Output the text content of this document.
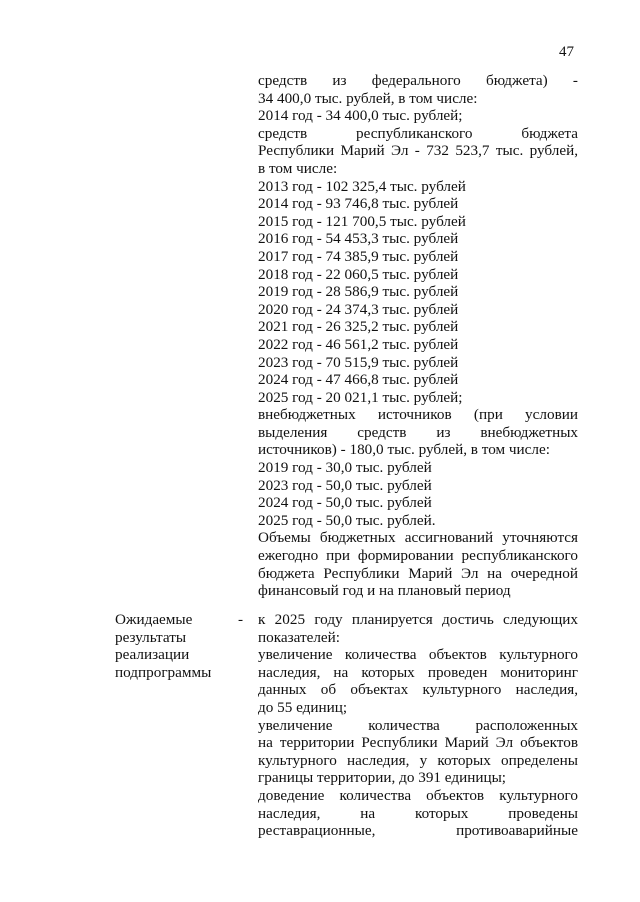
47
средств из федерального бюджета) -
34 400,0 тыс. рублей, в том числе:
2014 год - 34 400,0 тыс. рублей;
средств республиканского бюджета
Республики Марий Эл - 732 523,7 тыс. рублей,
в том числе:
2013 год - 102 325,4 тыс. рублей
2014 год - 93 746,8 тыс. рублей
2015 год - 121 700,5 тыс. рублей
2016 год - 54 453,3 тыс. рублей
2017 год - 74 385,9 тыс. рублей
2018 год - 22 060,5 тыс. рублей
2019 год - 28 586,9 тыс. рублей
2020 год - 24 374,3 тыс. рублей
2021 год - 26 325,2 тыс. рублей
2022 год - 46 561,2 тыс. рублей
2023 год - 70 515,9 тыс. рублей
2024 год - 47 466,8 тыс. рублей
2025 год - 20 021,1 тыс. рублей;
внебюджетных источников (при условии
выделения средств из внебюджетных
источников) - 180,0 тыс. рублей, в том числе:
2019 год - 30,0 тыс. рублей
2023 год - 50,0 тыс. рублей
2024 год - 50,0 тыс. рублей
2025 год - 50,0 тыс. рублей.
Объемы бюджетных ассигнований уточняются
ежегодно при формировании республиканского
бюджета Республики Марий Эл на очередной
финансовый год и на плановый период
Ожидаемые
результаты
реализации
подпрограммы
- к 2025 году планируется достичь следующих
показателей:
увеличение количества объектов культурного
наследия, на которых проведен мониторинг
данных об объектах культурного наследия,
до 55 единиц;
увеличение количества расположенных
на территории Республики Марий Эл объектов
культурного наследия, у которых определены
границы территории, до 391 единицы;
доведение количества объектов культурного
наследия, на которых проведены
реставрационные, противоаварийные
